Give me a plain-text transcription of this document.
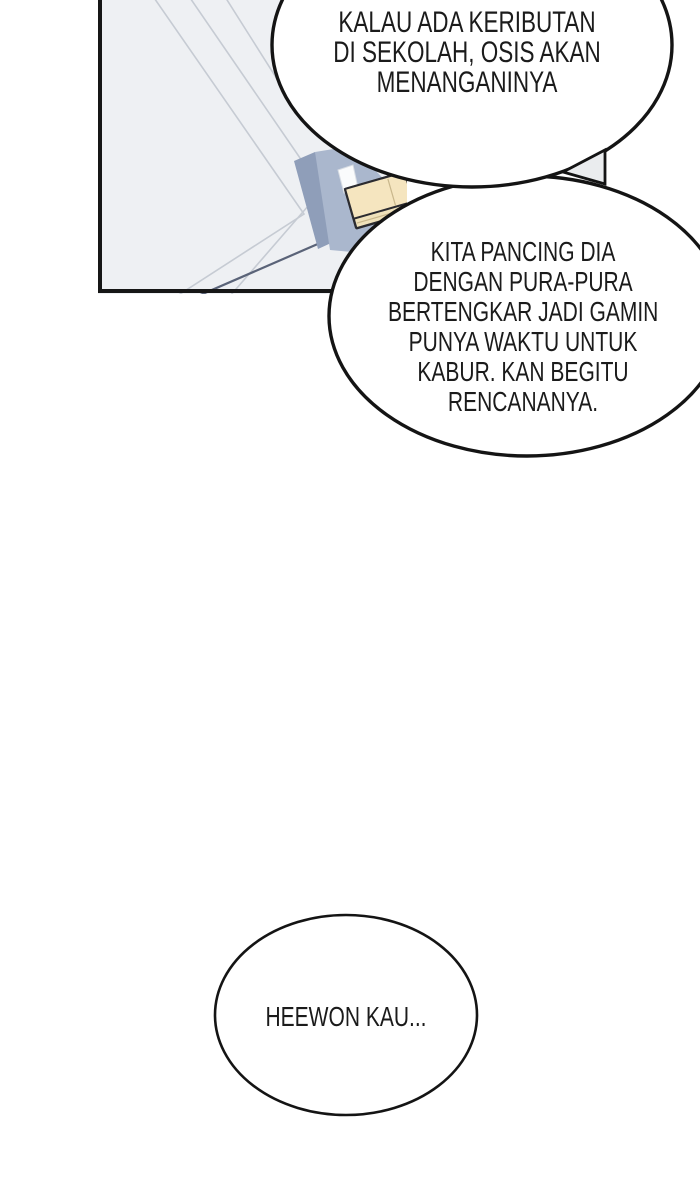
KALAU ADA KERIBUTAN
DI SEKOLAH, OSIS AKAN
MENANGANINYA
KITA PANCING DIA
DENGAN PURA-PURA
BERTENGKAR JADI GAMIN
PUNYA WAKTU UNTUK
KABUR. KAN BEGITU
RENCANANYA.
HEEWON KAU...
